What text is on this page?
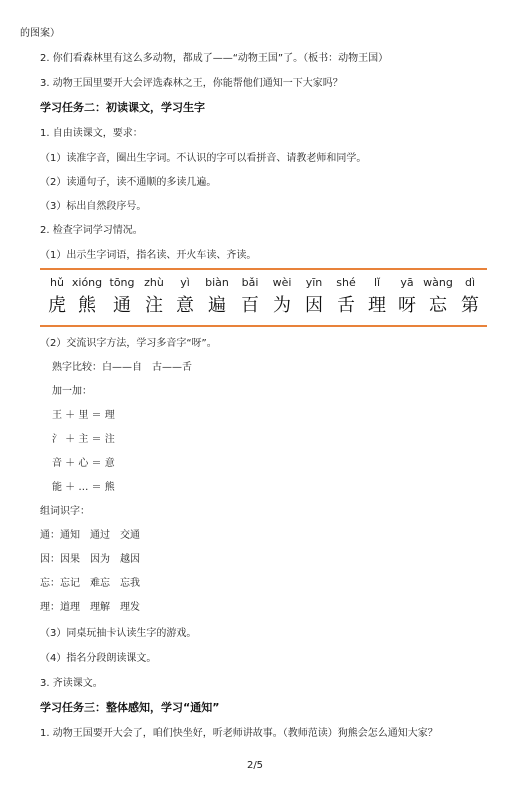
的图案）
2. 你们看森林里有这么多动物，都成了——“动物王国”了。（板书：动物王国）
3. 动物王国里要开大会评选森林之王，你能帮他们通知一下大家吗？
学习任务二：初读课文，学习生字
1. 自由读课文，要求：
（1）读准字音，圈出生字词。不认识的字可以看拼音、请教老师和同学。
（2）读通句子，读不通顺的多读几遍。
（3）标出自然段序号。
2. 检查字词学习情况。
（1）出示生字词语，指名读、开火车读、齐读。
hǔ
虎
xióng
熊
tōng
通
zhù
注
yì
意
biàn
遍
bǎi
百
wèi
为
yīn
因
shé
舌
lǐ
理
yā
呀
wàng
忘
dì
第
（2）交流识字方法，学习多音字“呀”。
熟字比较：白——自　古——舌
加一加：
王 ＋ 里 ＝ 理
氵 ＋ 主 ＝ 注
音 ＋ 心 ＝ 意
能 ＋ … ＝ 熊
组词识字：
通：通知　通过　交通
因：因果　因为　越因
忘：忘记　难忘　忘我
理：道理　理解　理发
（3）同桌玩抽卡认读生字的游戏。
（4）指名分段朗读课文。
3. 齐读课文。
学习任务三：整体感知，学习“通知”
1. 动物王国要开大会了，咱们快坐好，听老师讲故事。（教师范读）狗熊会怎么通知大家？
2/5
